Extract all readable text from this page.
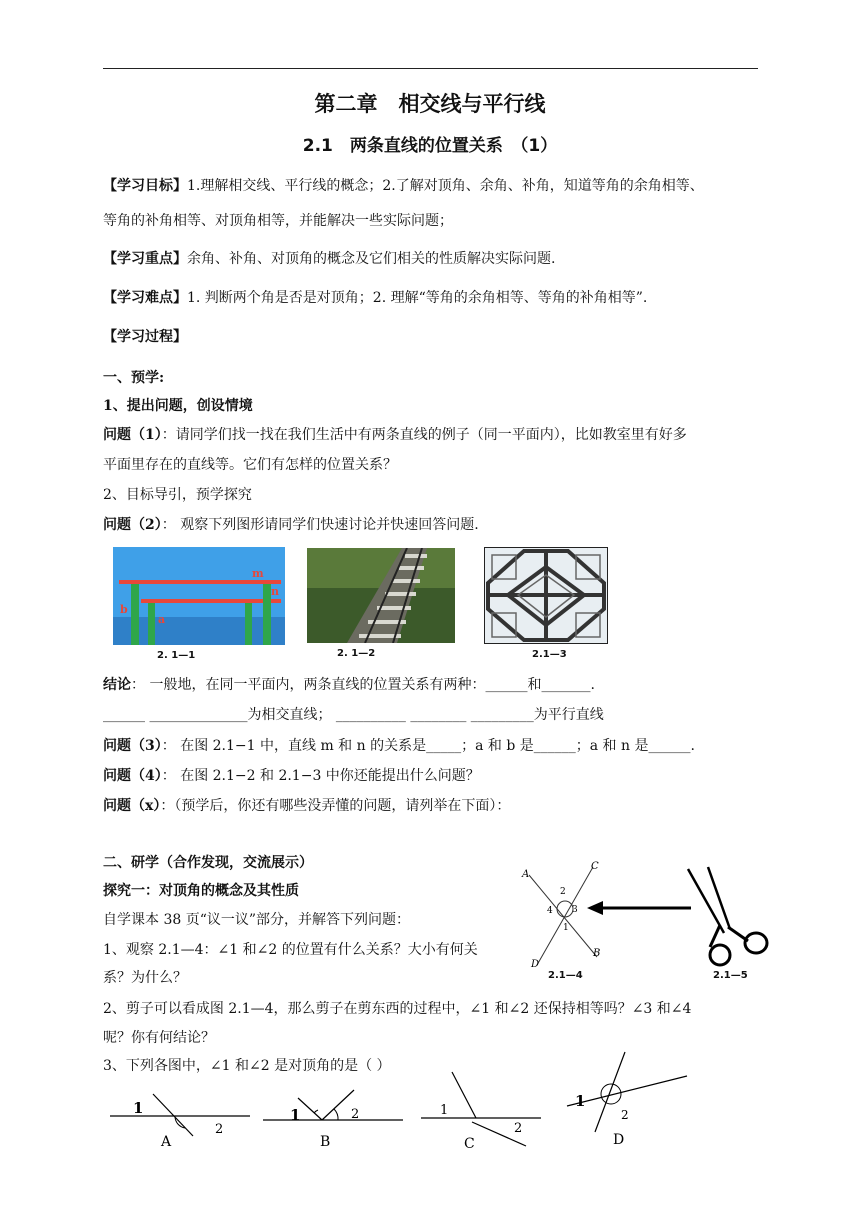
第二章　相交线与平行线
2.1　两条直线的位置关系　（1）
【学习目标】1.理解相交线、平行线的概念；2.了解对顶角、余角、补角，知道等角的余角相等、
等角的补角相等、对顶角相等，并能解决一些实际问题；
【学习重点】余角、补角、对顶角的概念及它们相关的性质解决实际问题.
【学习难点】1. 判断两个角是否是对顶角；2. 理解“等角的余角相等、等角的补角相等”.
【学习过程】
一、预学:
1、提出问题，创设情境
问题（1）：请同学们找一找在我们生活中有两条直线的例子（同一平面内），比如教室里有好多
平面里存在的直线等。它们有怎样的位置关系？
2、目标导引，预学探究
问题（2）： 观察下列图形请同学们快速讨论并快速回答问题.
m
n
b
a
2. 1—1	2. 1—2	2.1—3
结论： 一般地，在同一平面内，两条直线的位置关系有两种：______和_______.
______ ______________为相交直线； __________ ________ _________为平行直线
问题（3）： 在图 2.1−1 中，直线 m 和 n 的关系是_____；a 和 b 是______；a 和 n 是______.
问题（4）： 在图 2.1−2 和 2.1−3 中你还能提出什么问题？
问题（x）：（预学后，你还有哪些没弄懂的问题，请列举在下面）：
二、研学（合作发现，交流展示）
探究一：对顶角的概念及其性质
自学课本 38 页“议一议”部分，并解答下列问题：
1、观察 2.1—4：∠1 和∠2 的位置有什么关系？大小有何关
系？为什么？
A
C
B
D
1
2
3
4
2.1—4	2.1—5
2、剪子可以看成图 2.1—4，那么剪子在剪东西的过程中，∠1 和∠2 还保持相等吗？∠3 和∠4
呢？你有何结论？
3、下列各图中，∠1 和∠2 是对顶角的是（ ）
1
2
A
1	2
B
1
2
C
1
2
D
